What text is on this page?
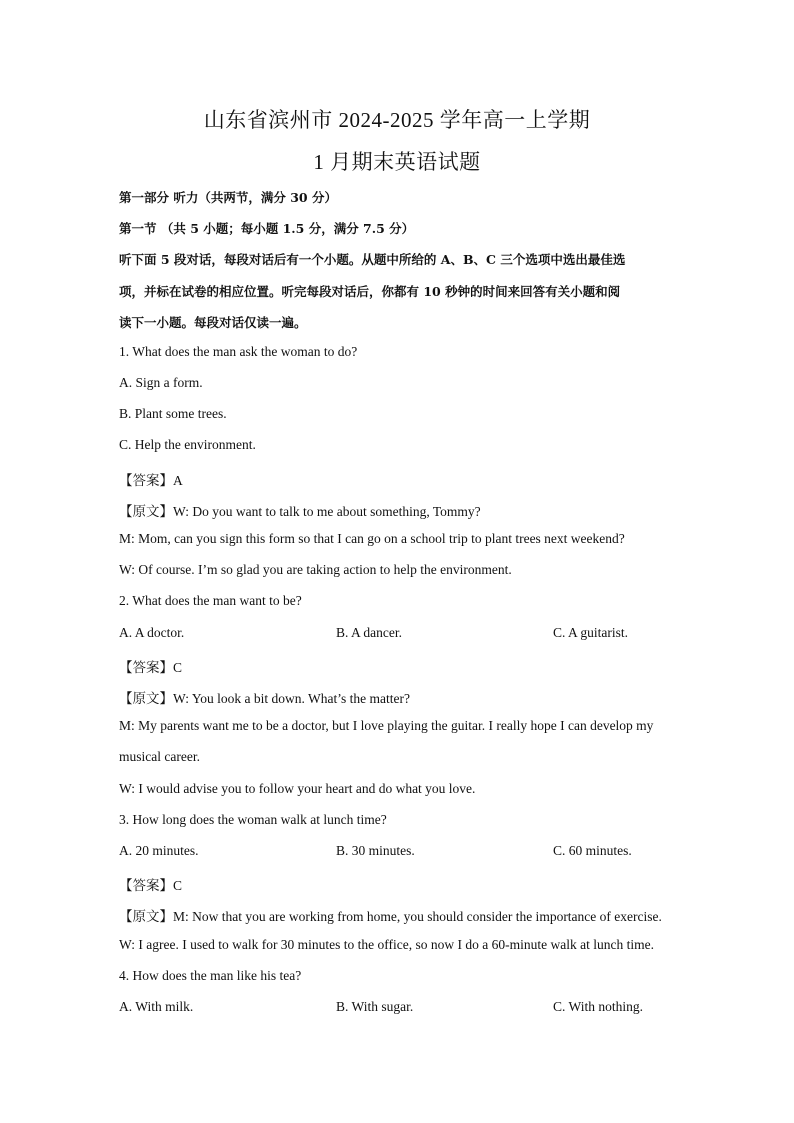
山东省滨州市 2024-2025 学年高一上学期
1 月期末英语试题
第一部分 听力（共两节，满分 30 分）
第一节 （共 5 小题；每小题 1.5 分，满分 7.5 分）
听下面 5 段对话，每段对话后有一个小题。从题中所给的 A、B、C 三个选项中选出最佳选
项，并标在试卷的相应位置。听完每段对话后，你都有 10 秒钟的时间来回答有关小题和阅
读下一小题。每段对话仅读一遍。
1. What does the man ask the woman to do?
A. Sign a form.
B. Plant some trees.
C. Help the environment.
【答案】A
【原文】W: Do you want to talk to me about something, Tommy?
M: Mom, can you sign this form so that I can go on a school trip to plant trees next weekend?
W: Of course. I’m so glad you are taking action to help the environment.
2. What does the man want to be?
A. A doctor.	B. A dancer.	C. A guitarist.
【答案】C
【原文】W: You look a bit down. What’s the matter?
M: My parents want me to be a doctor, but I love playing the guitar. I really hope I can develop my
musical career.
W: I would advise you to follow your heart and do what you love.
3. How long does the woman walk at lunch time?
A. 20 minutes.	B. 30 minutes.	C. 60 minutes.
【答案】C
【原文】M: Now that you are working from home, you should consider the importance of exercise.
W: I agree. I used to walk for 30 minutes to the office, so now I do a 60-minute walk at lunch time.
4. How does the man like his tea?
A. With milk.	B. With sugar.	C. With nothing.
